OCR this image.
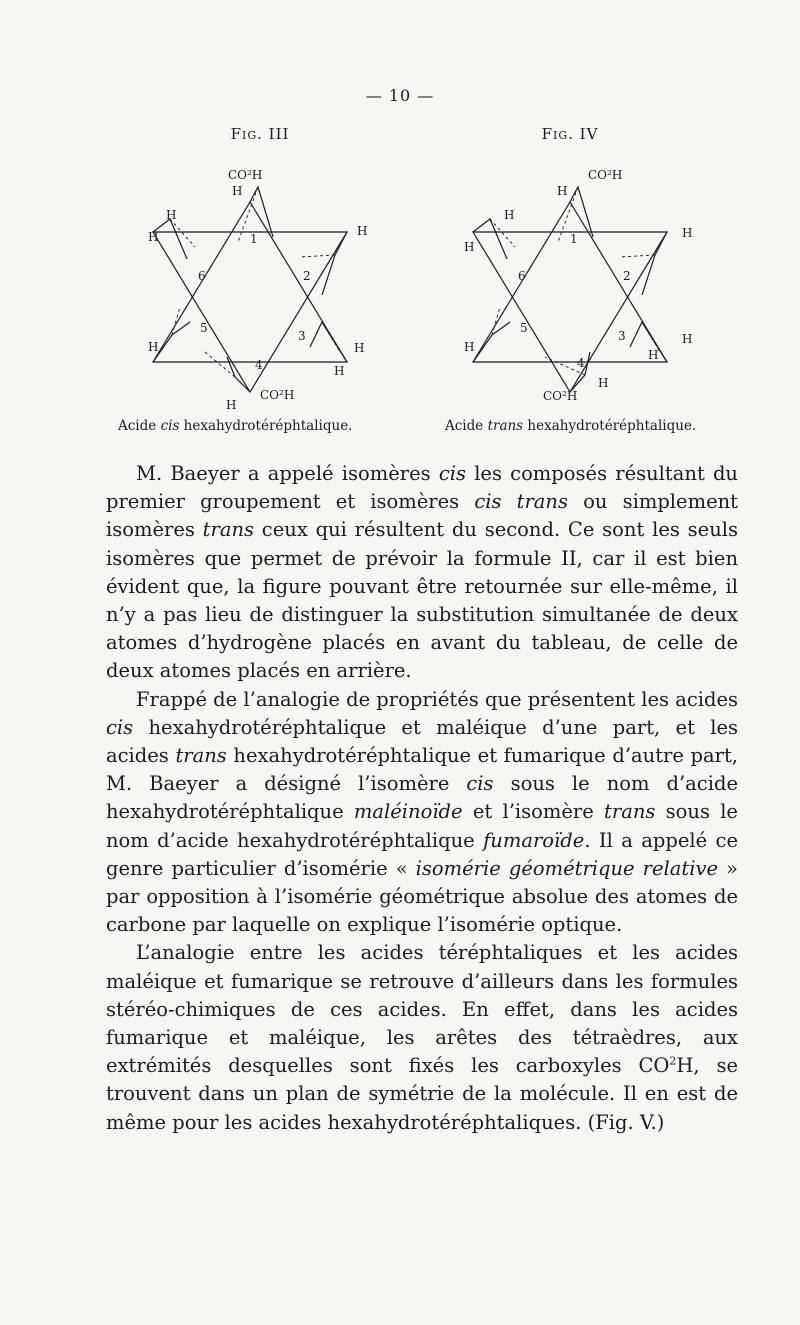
— 10 —
Fig. III
CO²H
H
H
H	H
H	H
H
CO²H
H
1
2
3
4
5
6
Fig. IV
CO²H
H
H
H
H
H
H
H
CO²H
H
1
2
3
4
5
6
Acide cis hexahydrotéréphtalique.	Acide trans hexahydrotéréphtalique.

M. Baeyer a appelé isomères cis les composés résultant du premier groupement et isomères cis trans ou simplement isomères trans ceux qui résultent du second. Ce sont les seuls isomères que permet de prévoir la formule II, car il est bien évident que, la figure pouvant être retournée sur elle-même, il n’y a pas lieu de distinguer la substitution simultanée de deux atomes d’hydrogène placés en avant du tableau, de celle de deux atomes placés en arrière.

Frappé de l’analogie de propriétés que présentent les acides cis hexahydrotéréphtalique et maléique d’une part, et les acides trans hexahydrotéréphtalique et fumarique d’autre part, M. Baeyer a désigné l’isomère cis sous le nom d’acide hexahydrotéréphtalique maléinoïde et l’isomère trans sous le nom d’acide hexahydrotéréphtalique fumaroïde. Il a appelé ce genre particulier d’isomérie « isomérie géométrique relative » par opposition à l’isomérie géométrique absolue des atomes de carbone par laquelle on explique l’isomérie optique.

L’analogie entre les acides téréphtaliques et les acides maléique et fumarique se retrouve d’ailleurs dans les formules stéréo-chimiques de ces acides. En effet, dans les acides fumarique et maléique, les arêtes des tétraèdres, aux extrémités desquelles sont fixés les carboxyles $CO^2H$, se trouvent dans un plan de symétrie de la molécule. Il en est de même pour les acides hexahydrotéréphtaliques. (Fig. V.)
